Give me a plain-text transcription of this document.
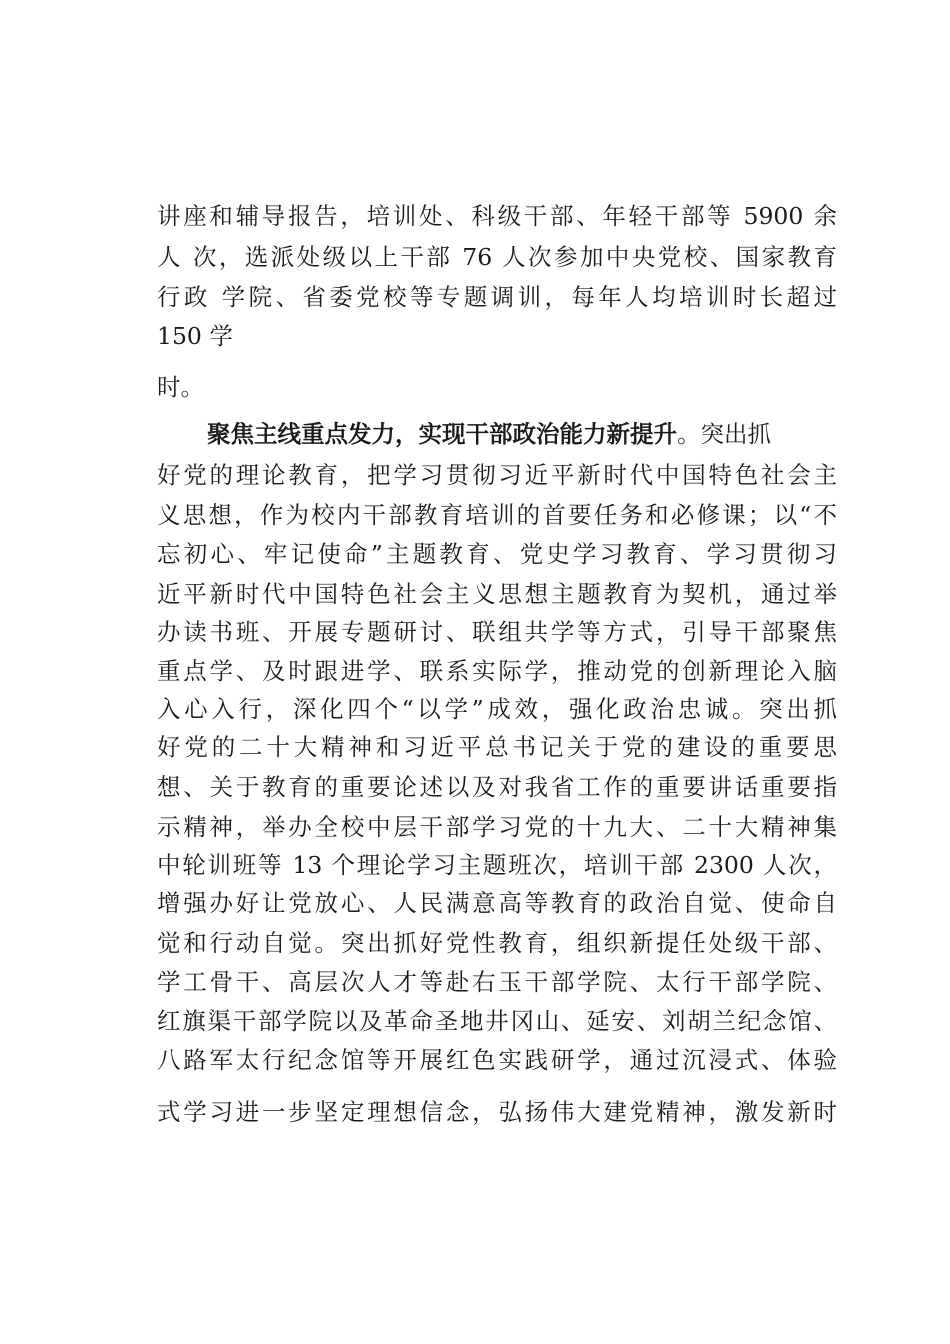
讲座和辅导报告，培训处、科级干部、年轻干部等 5900 余
人 次，选派处级以上干部 76 人次参加中央党校、国家教育
行政 学院、省委党校等专题调训，每年人均培训时长超过
150 学
时。
聚焦主线重点发力，实现干部政治能力新提升。突出抓
好党的理论教育，把学习贯彻习近平新时代中国特色社会主
义思想，作为校内干部教育培训的首要任务和必修课；以“不
忘初心、牢记使命”主题教育、党史学习教育、学习贯彻习
近平新时代中国特色社会主义思想主题教育为契机，通过举
办读书班、开展专题研讨、联组共学等方式，引导干部聚焦
重点学、及时跟进学、联系实际学，推动党的创新理论入脑
入心入行，深化四个“以学”成效，强化政治忠诚。突出抓
好党的二十大精神和习近平总书记关于党的建设的重要思
想、关于教育的重要论述以及对我省工作的重要讲话重要指
示精神，举办全校中层干部学习党的十九大、二十大精神集
中轮训班等 13 个理论学习主题班次，培训干部 2300 人次，
增强办好让党放心、人民满意高等教育的政治自觉、使命自
觉和行动自觉。突出抓好党性教育，组织新提任处级干部、
学工骨干、高层次人才等赴右玉干部学院、太行干部学院、
红旗渠干部学院以及革命圣地井冈山、延安、刘胡兰纪念馆、
八路军太行纪念馆等开展红色实践研学，通过沉浸式、体验
式学习进一步坚定理想信念，弘扬伟大建党精神，激发新时
